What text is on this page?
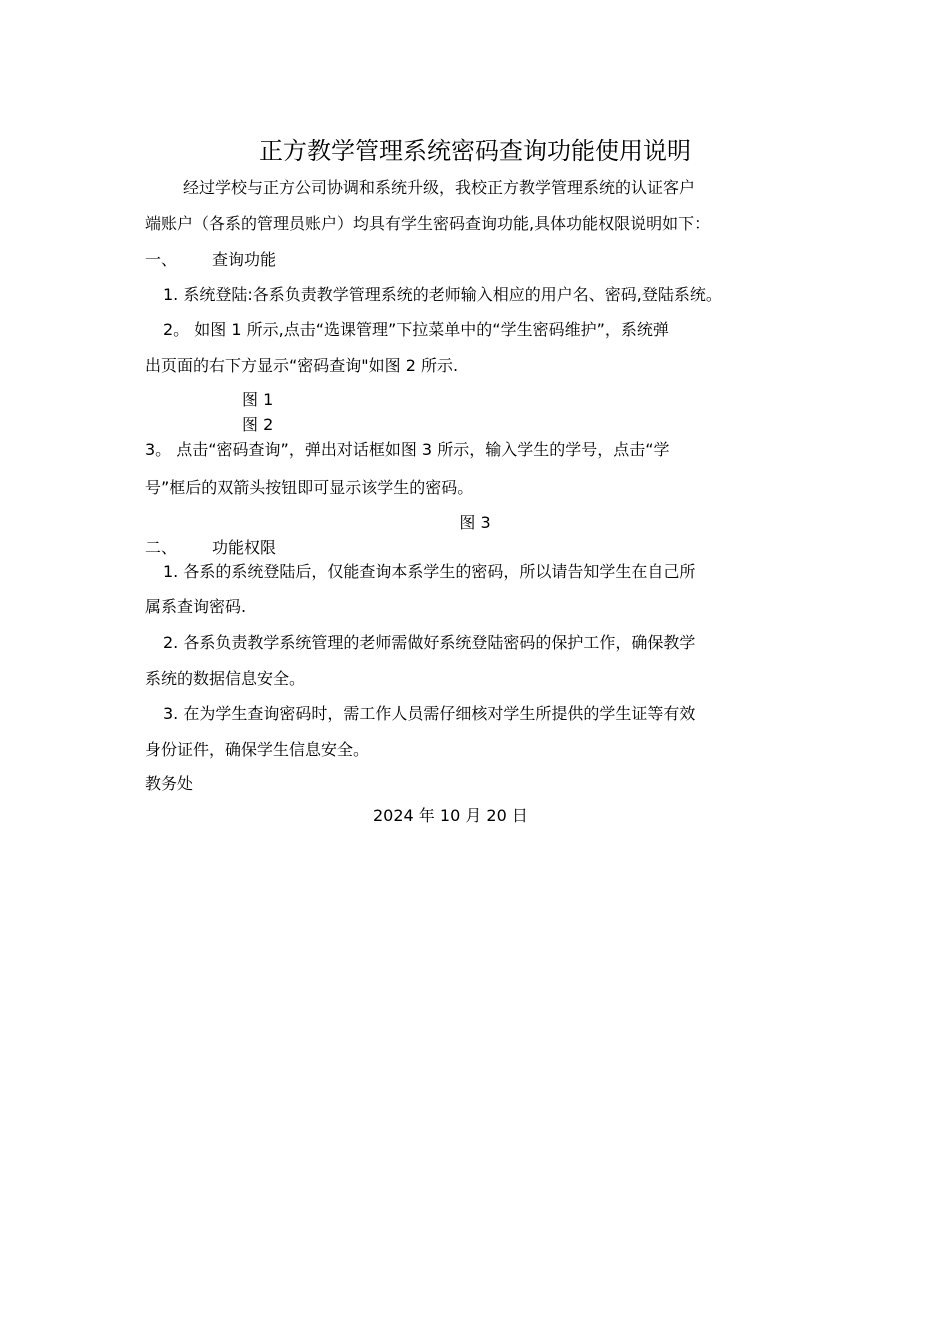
正方教学管理系统密码查询功能使用说明
经过学校与正方公司协调和系统升级，我校正方教学管理系统的认证客户
端账户（各系的管理员账户）均具有学生密码查询功能,具体功能权限说明如下：
一、 查询功能
1. 系统登陆:各系负责教学管理系统的老师输入相应的用户名、密码,登陆系统。
2。 如图 1 所示,点击“选课管理”下拉菜单中的“学生密码维护”，系统弹
出页面的右下方显示“密码查询"如图 2 所示.
图 1
图 2
3。 点击“密码查询”，弹出对话框如图 3 所示，输入学生的学号，点击“学
号”框后的双箭头按钮即可显示该学生的密码。
图 3
二、 功能权限
1. 各系的系统登陆后，仅能查询本系学生的密码，所以请告知学生在自己所
属系查询密码.
2. 各系负责教学系统管理的老师需做好系统登陆密码的保护工作，确保教学
系统的数据信息安全。
3. 在为学生查询密码时，需工作人员需仔细核对学生所提供的学生证等有效
身份证件，确保学生信息安全。
教务处
2024 年 10 月 20 日
